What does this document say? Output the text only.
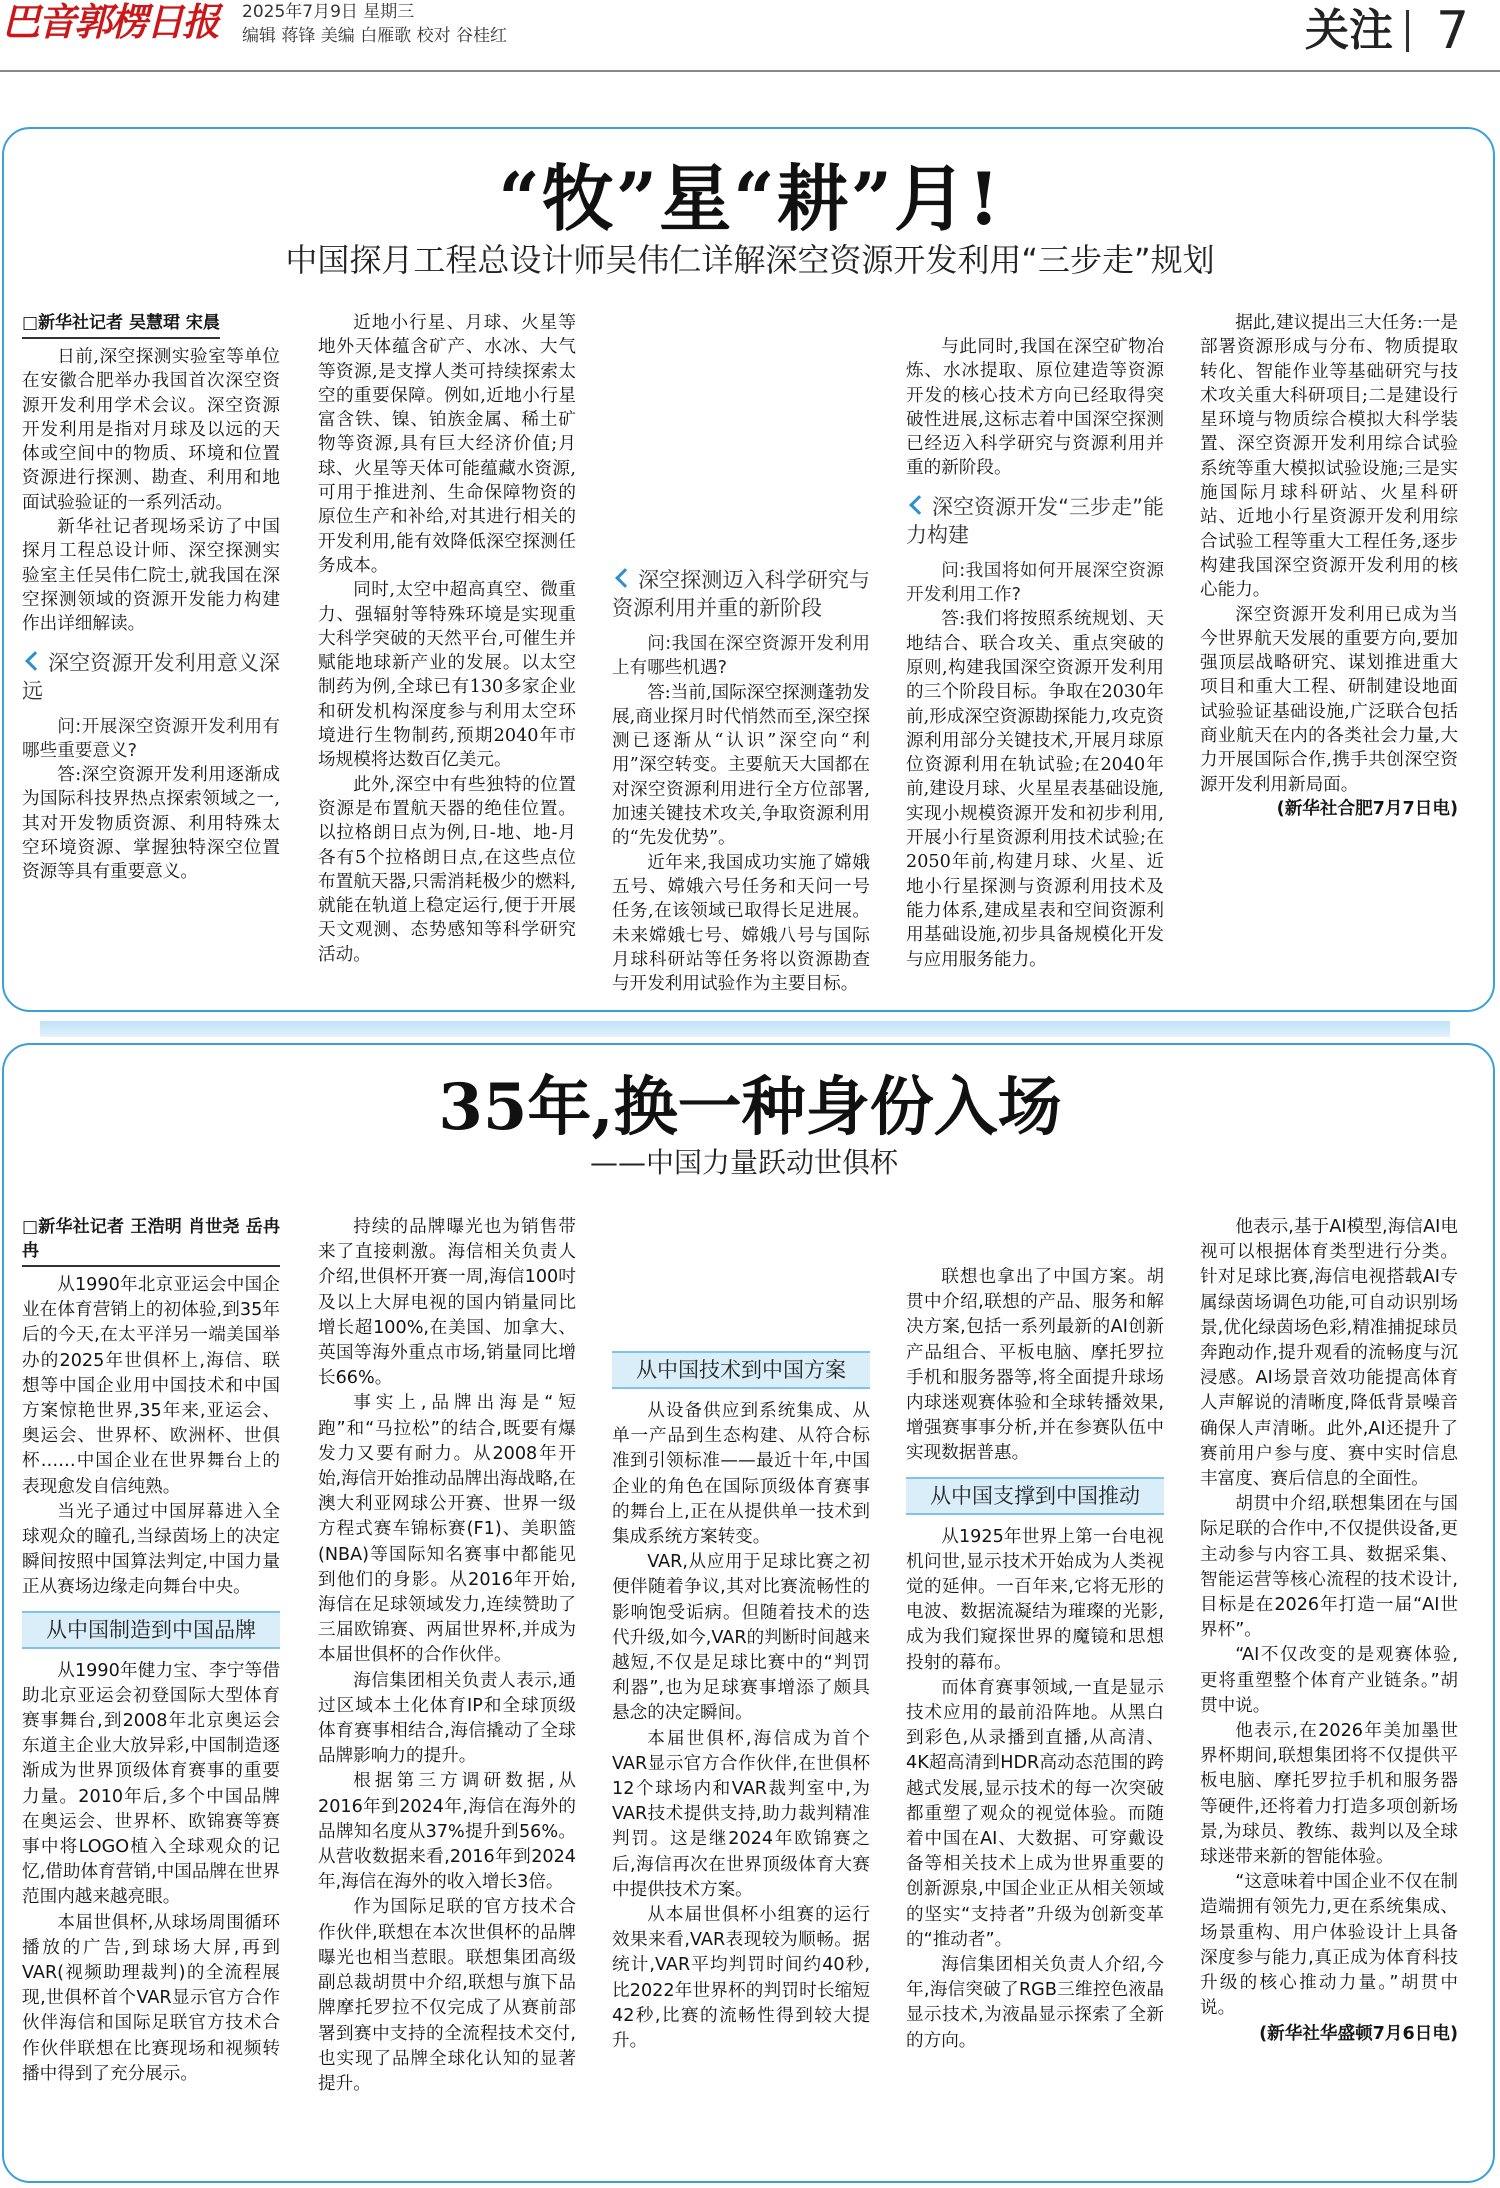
巴音郭楞日报 2025年7月9日 星期三
编辑 蒋锋 美编 白雁歌 校对 谷桂红	关注 7
“牧”星“耕”月!
中国探月工程总设计师吴伟仁详解深空资源开发利用“三步走”规划
□新华社记者 吴慧珺 宋晨

日前,深空探测实验室等单位在安徽合肥举办我国首次深空资源开发利用学术会议。深空资源开发利用是指对月球及以远的天体或空间中的物质、环境和位置资源进行探测、勘查、利用和地面试验验证的一系列活动。

新华社记者现场采访了中国探月工程总设计师、深空探测实验室主任吴伟仁院士,就我国在深空探测领域的资源开发能力构建作出详细解读。

深空资源开发利用意义深远

问:开展深空资源开发利用有哪些重要意义?

答:深空资源开发利用逐渐成为国际科技界热点探索领域之一,其对开发物质资源、利用特殊太空环境资源、掌握独特深空位置资源等具有重要意义。

近地小行星、月球、火星等地外天体蕴含矿产、水冰、大气等资源,是支撑人类可持续探索太空的重要保障。例如,近地小行星富含铁、镍、铂族金属、稀土矿物等资源,具有巨大经济价值;月球、火星等天体可能蕴藏水资源,可用于推进剂、生命保障物资的原位生产和补给,对其进行相关的开发利用,能有效降低深空探测任务成本。

同时,太空中超高真空、微重力、强辐射等特殊环境是实现重大科学突破的天然平台,可催生并赋能地球新产业的发展。以太空制药为例,全球已有130多家企业和研发机构深度参与利用太空环境进行生物制药,预期2040年市场规模将达数百亿美元。

此外,深空中有些独特的位置资源是布置航天器的绝佳位置。以拉格朗日点为例,日-地、地-月各有5个拉格朗日点,在这些点位布置航天器,只需消耗极少的燃料,就能在轨道上稳定运行,便于开展天文观测、态势感知等科学研究活动。

深空探测迈入科学研究与资源利用并重的新阶段

问:我国在深空资源开发利用上有哪些机遇?

答:当前,国际深空探测蓬勃发展,商业探月时代悄然而至,深空探测已逐渐从“认识”深空向“利用”深空转变。主要航天大国都在对深空资源利用进行全方位部署,加速关键技术攻关,争取资源利用的“先发优势”。

近年来,我国成功实施了嫦娥五号、嫦娥六号任务和天问一号任务,在该领域已取得长足进展。未来嫦娥七号、嫦娥八号与国际月球科研站等任务将以资源勘查与开发利用试验作为主要目标。

与此同时,我国在深空矿物冶炼、水冰提取、原位建造等资源开发的核心技术方向已经取得突破性进展,这标志着中国深空探测已经迈入科学研究与资源利用并重的新阶段。

深空资源开发“三步走”能力构建

问:我国将如何开展深空资源开发利用工作?

答:我们将按照系统规划、天地结合、联合攻关、重点突破的原则,构建我国深空资源开发利用的三个阶段目标。争取在2030年前,形成深空资源勘探能力,攻克资源利用部分关键技术,开展月球原位资源利用在轨试验;在2040年前,建设月球、火星星表基础设施,实现小规模资源开发和初步利用,开展小行星资源利用技术试验;在2050年前,构建月球、火星、近地小行星探测与资源利用技术及能力体系,建成星表和空间资源利用基础设施,初步具备规模化开发与应用服务能力。

据此,建议提出三大任务:一是部署资源形成与分布、物质提取转化、智能作业等基础研究与技术攻关重大科研项目;二是建设行星环境与物质综合模拟大科学装置、深空资源开发利用综合试验系统等重大模拟试验设施;三是实施国际月球科研站、火星科研站、近地小行星资源开发利用综合试验工程等重大工程任务,逐步构建我国深空资源开发利用的核心能力。

深空资源开发利用已成为当今世界航天发展的重要方向,要加强顶层战略研究、谋划推进重大项目和重大工程、研制建设地面试验验证基础设施,广泛联合包括商业航天在内的各类社会力量,大力开展国际合作,携手共创深空资源开发利用新局面。

(新华社合肥7月7日电)

35年,换一种身份入场
——中国力量跃动世俱杯
□新华社记者 王浩明 肖世尧 岳冉冉

从1990年北京亚运会中国企业在体育营销上的初体验,到35年后的今天,在太平洋另一端美国举办的2025年世俱杯上,海信、联想等中国企业用中国技术和中国方案惊艳世界,35年来,亚运会、奥运会、世界杯、欧洲杯、世俱杯……中国企业在世界舞台上的表现愈发自信纯熟。

当光子通过中国屏幕进入全球观众的瞳孔,当绿茵场上的决定瞬间按照中国算法判定,中国力量正从赛场边缘走向舞台中央。

从中国制造到中国品牌

从1990年健力宝、李宁等借助北京亚运会初登国际大型体育赛事舞台,到2008年北京奥运会东道主企业大放异彩,中国制造逐渐成为世界顶级体育赛事的重要力量。2010年后,多个中国品牌在奥运会、世界杯、欧锦赛等赛事中将LOGO植入全球观众的记忆,借助体育营销,中国品牌在世界范围内越来越亮眼。

本届世俱杯,从球场周围循环播放的广告,到球场大屏,再到VAR(视频助理裁判)的全流程展现,世俱杯首个VAR显示官方合作伙伴海信和国际足联官方技术合作伙伴联想在比赛现场和视频转播中得到了充分展示。

持续的品牌曝光也为销售带来了直接刺激。海信相关负责人介绍,世俱杯开赛一周,海信100吋及以上大屏电视的国内销量同比增长超100%,在美国、加拿大、英国等海外重点市场,销量同比增长66%。

事实上,品牌出海是“短跑”和“马拉松”的结合,既要有爆发力又要有耐力。从2008年开始,海信开始推动品牌出海战略,在澳大利亚网球公开赛、世界一级方程式赛车锦标赛(F1)、美职篮(NBA)等国际知名赛事中都能见到他们的身影。从2016年开始,海信在足球领域发力,连续赞助了三届欧锦赛、两届世界杯,并成为本届世俱杯的合作伙伴。

海信集团相关负责人表示,通过区域本土化体育IP和全球顶级体育赛事相结合,海信撬动了全球品牌影响力的提升。

根据第三方调研数据,从2016年到2024年,海信在海外的品牌知名度从37%提升到56%。从营收数据来看,2016年到2024年,海信在海外的收入增长3倍。

作为国际足联的官方技术合作伙伴,联想在本次世俱杯的品牌曝光也相当惹眼。联想集团高级副总裁胡贯中介绍,联想与旗下品牌摩托罗拉不仅完成了从赛前部署到赛中支持的全流程技术交付,也实现了品牌全球化认知的显著提升。

从中国技术到中国方案

从设备供应到系统集成、从单一产品到生态构建、从符合标准到引领标准——最近十年,中国企业的角色在国际顶级体育赛事的舞台上,正在从提供单一技术到集成系统方案转变。

VAR,从应用于足球比赛之初便伴随着争议,其对比赛流畅性的影响饱受诟病。但随着技术的迭代升级,如今,VAR的判断时间越来越短,不仅是足球比赛中的“判罚利器”,也为足球赛事增添了颇具悬念的决定瞬间。

本届世俱杯,海信成为首个VAR显示官方合作伙伴,在世俱杯12个球场内和VAR裁判室中,为VAR技术提供支持,助力裁判精准判罚。这是继2024年欧锦赛之后,海信再次在世界顶级体育大赛中提供技术方案。

从本届世俱杯小组赛的运行效果来看,VAR表现较为顺畅。据统计,VAR平均判罚时间约40秒,比2022年世界杯的判罚时长缩短42秒,比赛的流畅性得到较大提升。

联想也拿出了中国方案。胡贯中介绍,联想的产品、服务和解决方案,包括一系列最新的AI创新产品组合、平板电脑、摩托罗拉手机和服务器等,将全面提升球场内球迷观赛体验和全球转播效果,增强赛事事分析,并在参赛队伍中实现数据普惠。

从中国支撑到中国推动

从1925年世界上第一台电视机问世,显示技术开始成为人类视觉的延伸。一百年来,它将无形的电波、数据流凝结为璀璨的光影,成为我们窥探世界的魔镜和思想投射的幕布。

而体育赛事领域,一直是显示技术应用的最前沿阵地。从黑白到彩色,从录播到直播,从高清、4K超高清到HDR高动态范围的跨越式发展,显示技术的每一次突破都重塑了观众的视觉体验。而随着中国在AI、大数据、可穿戴设备等相关技术上成为世界重要的创新源泉,中国企业正从相关领域的坚实“支持者”升级为创新变革的“推动者”。

海信集团相关负责人介绍,今年,海信突破了RGB三维控色液晶显示技术,为液晶显示探索了全新的方向。

他表示,基于AI模型,海信AI电视可以根据体育类型进行分类。针对足球比赛,海信电视搭载AI专属绿茵场调色功能,可自动识别场景,优化绿茵场色彩,精准捕捉球员奔跑动作,提升观看的流畅度与沉浸感。AI场景音效功能提高体育人声解说的清晰度,降低背景噪音确保人声清晰。此外,AI还提升了赛前用户参与度、赛中实时信息丰富度、赛后信息的全面性。

胡贯中介绍,联想集团在与国际足联的合作中,不仅提供设备,更主动参与内容工具、数据采集、智能运营等核心流程的技术设计,目标是在2026年打造一届“AI世界杯”。

“AI不仅改变的是观赛体验,更将重塑整个体育产业链条。”胡贯中说。

他表示,在2026年美加墨世界杯期间,联想集团将不仅提供平板电脑、摩托罗拉手机和服务器等硬件,还将着力打造多项创新场景,为球员、教练、裁判以及全球球迷带来新的智能体验。

“这意味着中国企业不仅在制造端拥有领先力,更在系统集成、场景重构、用户体验设计上具备深度参与能力,真正成为体育科技升级的核心推动力量。”胡贯中说。

(新华社华盛顿7月6日电)
